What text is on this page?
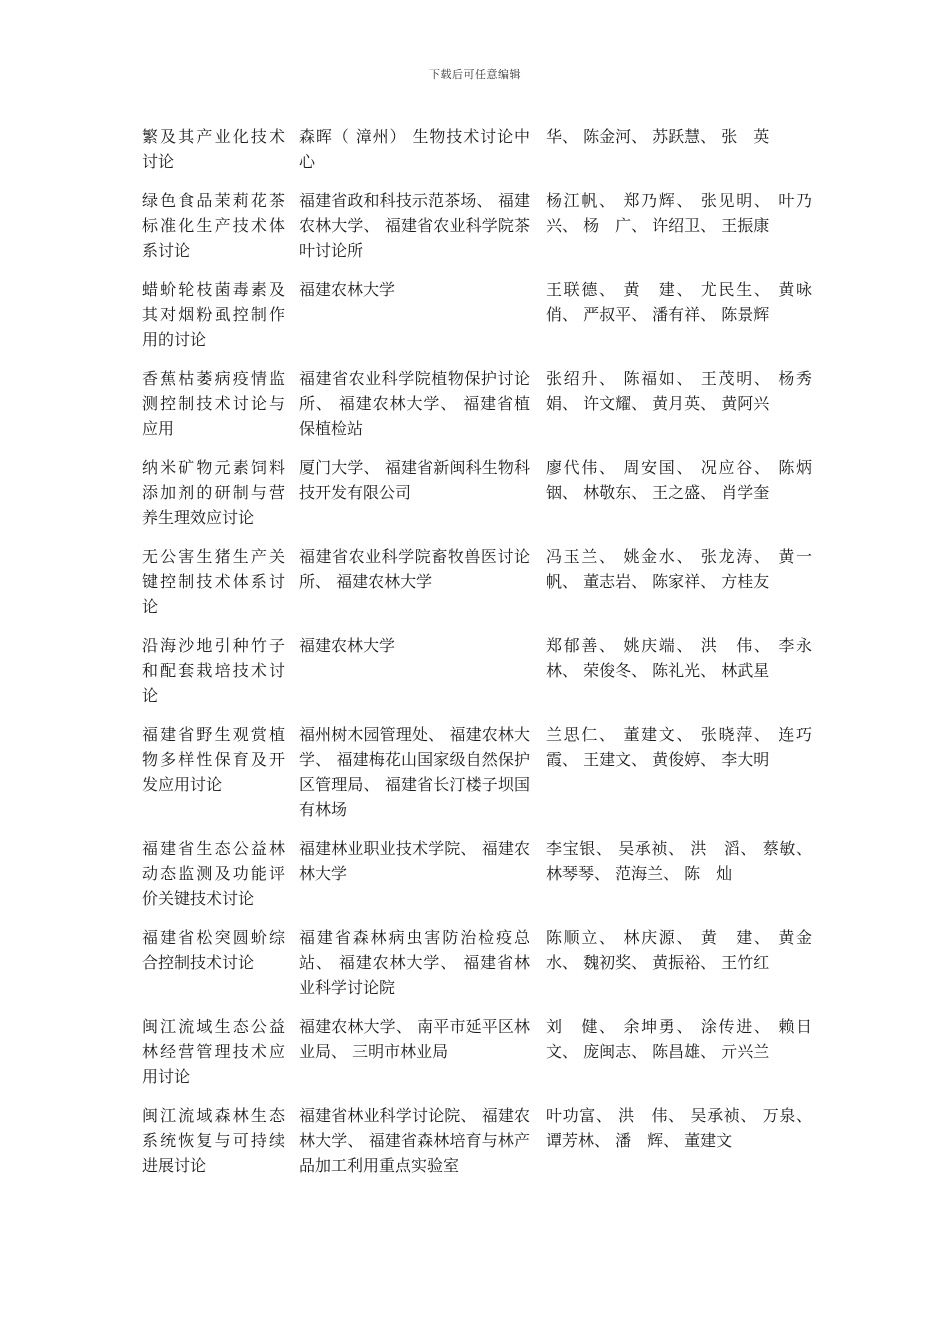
下载后可任意编辑
繁及其产业化技术讨论
森晖（ 漳州） 生物技术讨论中心
华、 陈金河、 苏跃慧、 张　英
绿色食品茉莉花茶标准化生产技术体系讨论
福建省政和科技示范茶场、 福建农林大学、 福建省农业科学院茶叶讨论所
杨江帆、 郑乃辉、 张见明、 叶乃兴、 杨　广、 许绍卫、 王振康
蜡蚧轮枝菌毒素及其对烟粉虱控制作用的讨论
福建农林大学	王联德、 黄　建、 尤民生、 黄咏俏、 严叔平、 潘有祥、 陈景辉
香蕉枯萎病疫情监测控制技术讨论与应用
福建省农业科学院植物保护讨论所、 福建农林大学、 福建省植保植检站
张绍升、 陈福如、 王茂明、 杨秀娟、 许文耀、 黄月英、 黄阿兴
纳米矿物元素饲料添加剂的研制与营养生理效应讨论
厦门大学、 福建省新闽科生物科技开发有限公司
廖代伟、 周安国、 况应谷、 陈炳铟、 林敬东、 王之盛、 肖学奎
无公害生猪生产关键控制技术体系讨论
福建省农业科学院畜牧兽医讨论所、 福建农林大学
冯玉兰、 姚金水、 张龙涛、 黄一帆、 董志岩、 陈家祥、 方桂友
沿海沙地引种竹子和配套栽培技术讨论
福建农林大学	郑郁善、 姚庆端、 洪　伟、 李永林、 荣俊冬、 陈礼光、 林武星
福建省野生观赏植物多样性保育及开发应用讨论
福州树木园管理处、 福建农林大学、 福建梅花山国家级自然保护区管理局、 福建省长汀楼子坝国有林场
兰思仁、 董建文、 张晓萍、 连巧霞、 王建文、 黄俊婷、 李大明
福建省生态公益林动态监测及功能评价关键技术讨论
福建林业职业技术学院、 福建农林大学
李宝银、 吴承祯、 洪　滔、 蔡敏、 林琴琴、 范海兰、 陈　灿
福建省松突圆蚧综合控制技术讨论
福建省森林病虫害防治检疫总站、 福建农林大学、 福建省林业科学讨论院
陈顺立、 林庆源、 黄　建、 黄金水、 魏初奖、 黄振裕、 王竹红
闽江流域生态公益林经营管理技术应用讨论
福建农林大学、 南平市延平区林业局、 三明市林业局
刘　健、 余坤勇、 涂传进、 赖日文、 庞闽志、 陈昌雄、 亓兴兰
闽江流域森林生态系统恢复与可持续进展讨论
福建省林业科学讨论院、 福建农林大学、 福建省森林培育与林产品加工利用重点实验室
叶功富、 洪　伟、 吴承祯、 万泉、 谭芳林、 潘　辉、 董建文
